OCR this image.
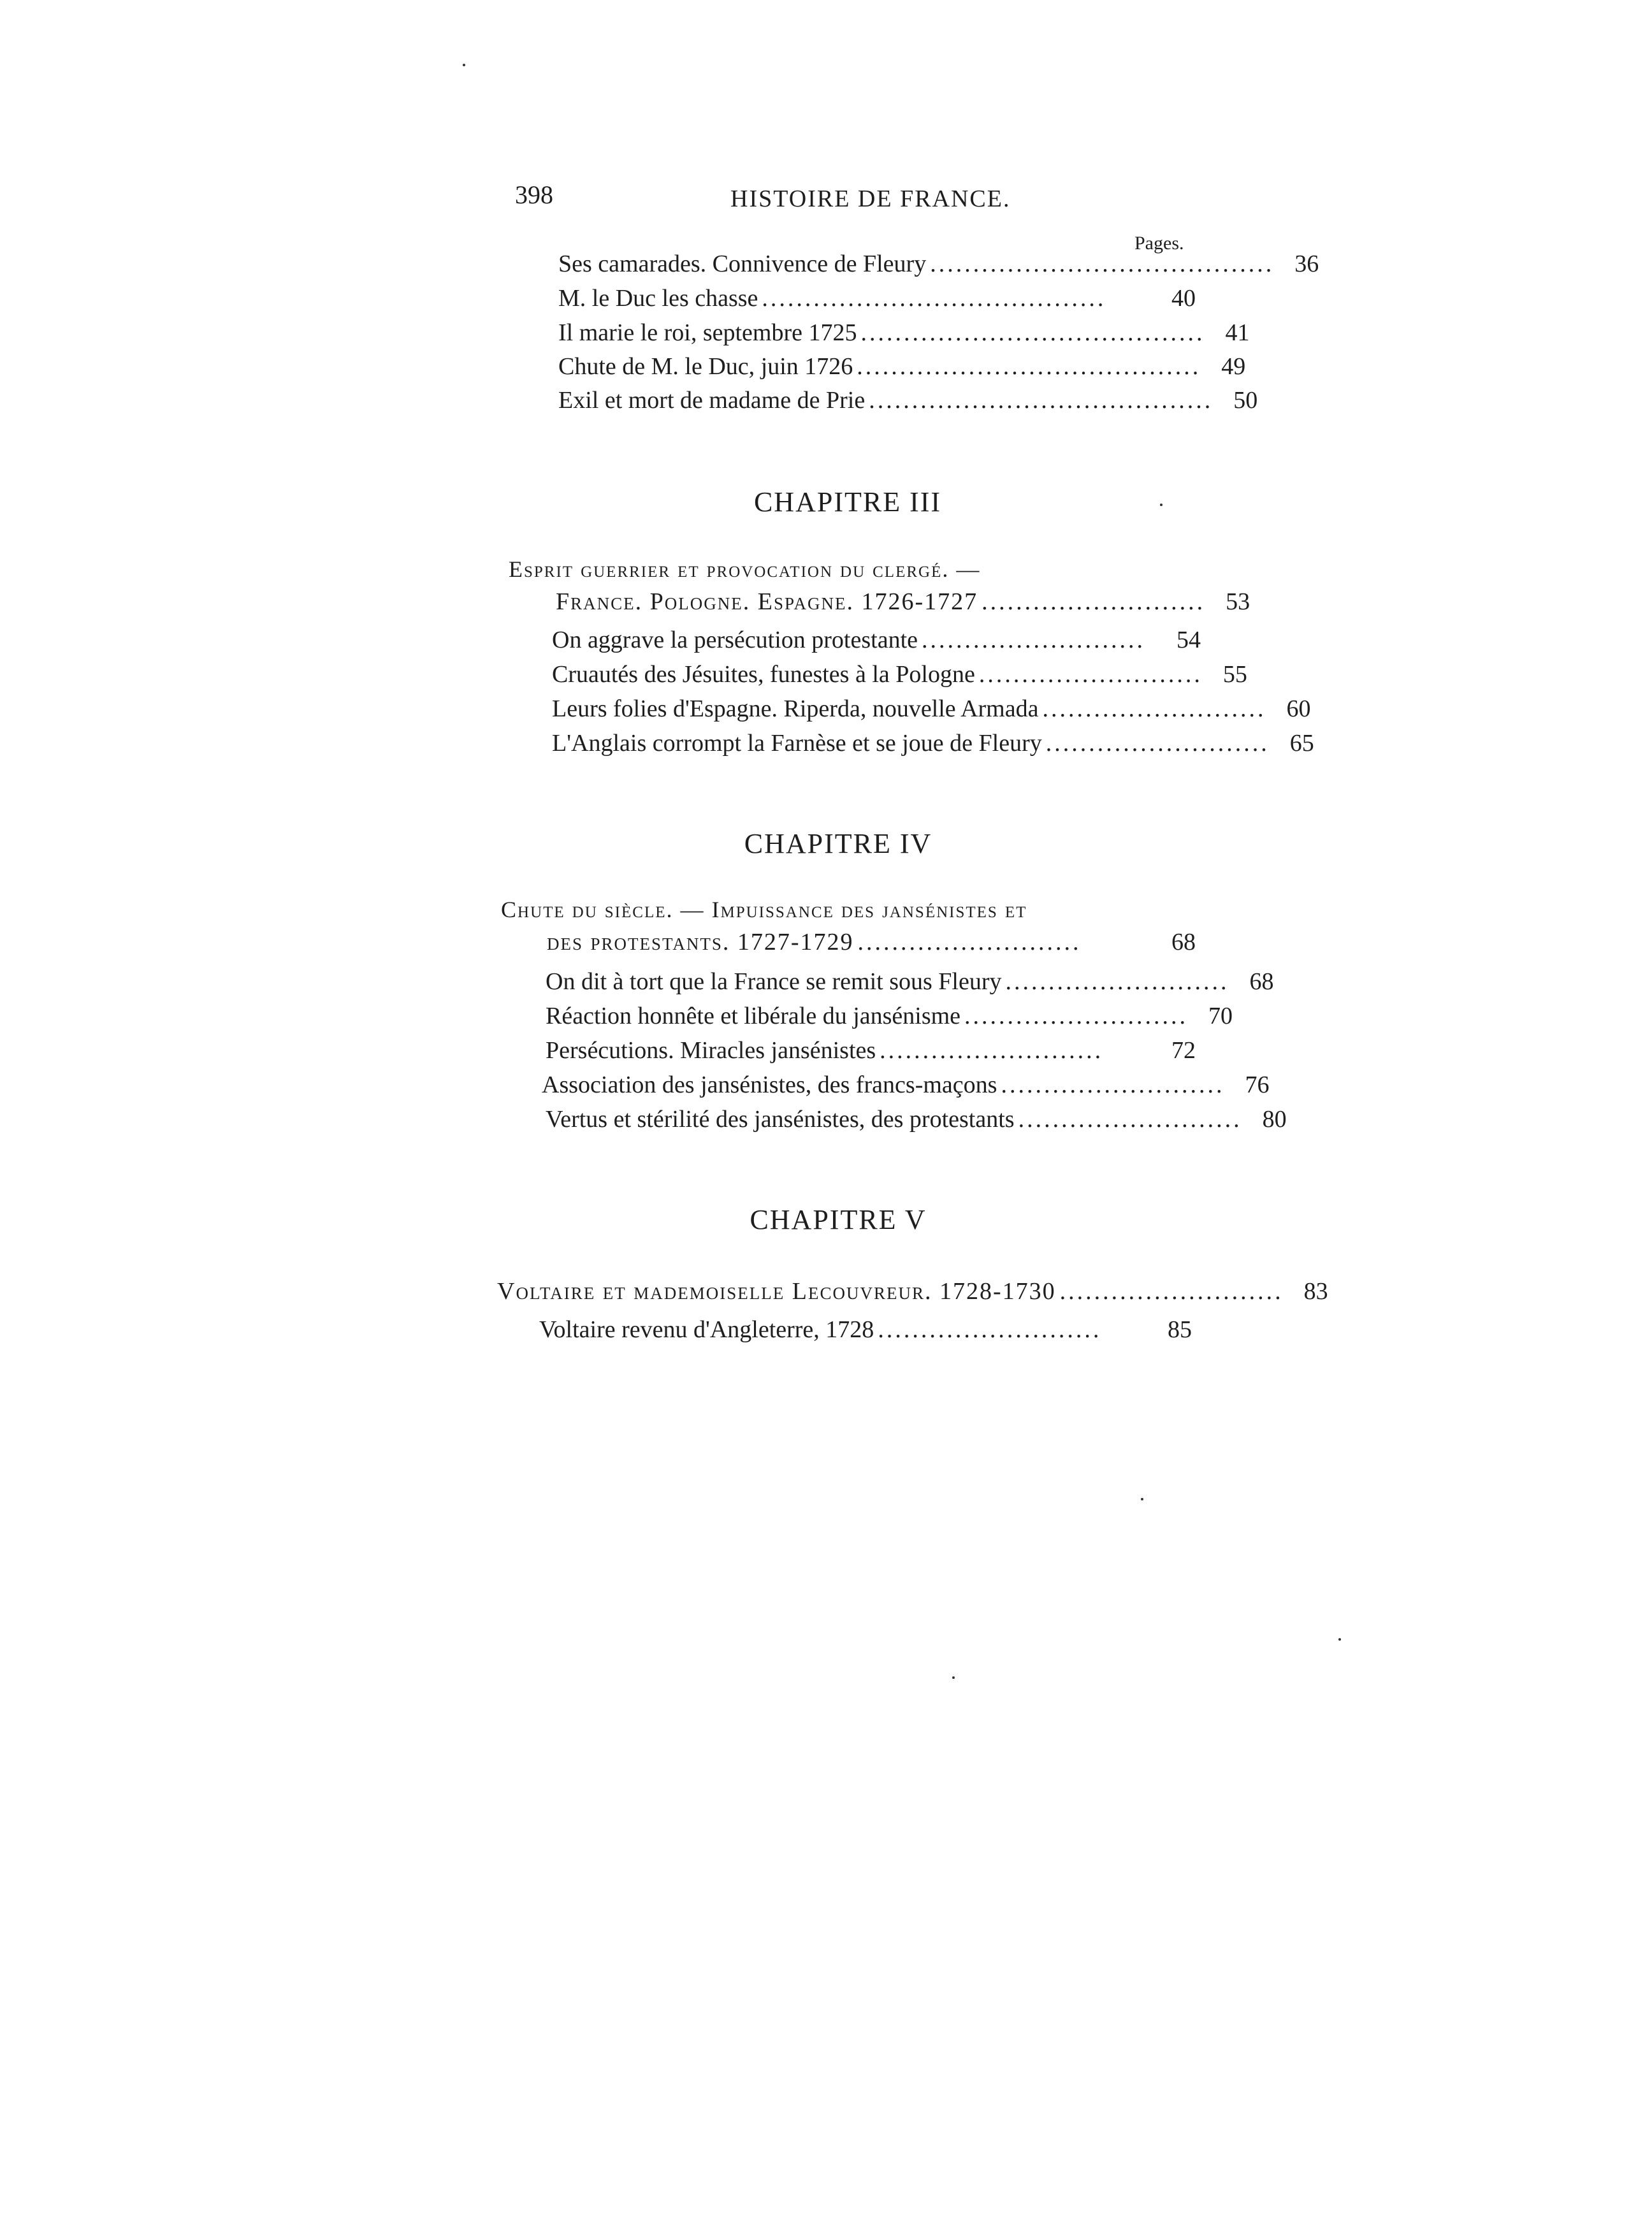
398	HISTOIRE DE FRANCE.
Pages.
Ses camarades. Connivence de Fleury ........................................ 36
M. le Duc les chasse ........................................	40
Il marie le roi, septembre 1725 ........................................ 41
Chute de M. le Duc, juin 1726 ........................................ 49
Exil et mort de madame de Prie ........................................ 50
CHAPITRE III
Esprit guerrier et provocation du clergé. —
France. Pologne. Espagne. 1726-1727 .......................... 53
On aggrave la persécution protestante ..........................	54
Cruautés des Jésuites, funestes à la Pologne .......................... 55
Leurs folies d'Espagne. Riperda, nouvelle Armada .......................... 60
L'Anglais corrompt la Farnèse et se joue de Fleury .......................... 65
CHAPITRE IV
Chute du siècle. — Impuissance des jansénistes et
des protestants. 1727-1729 ..........................	68
On dit à tort que la France se remit sous Fleury .......................... 68
Réaction honnête et libérale du jansénisme .......................... 70
Persécutions. Miracles jansénistes ..........................	72
Association des jansénistes, des francs-maçons .......................... 76
Vertus et stérilité des jansénistes, des protestants .......................... 80
CHAPITRE V
Voltaire et mademoiselle Lecouvreur. 1728-1730 .......................... 83
Voltaire revenu d'Angleterre, 1728 ..........................	85
